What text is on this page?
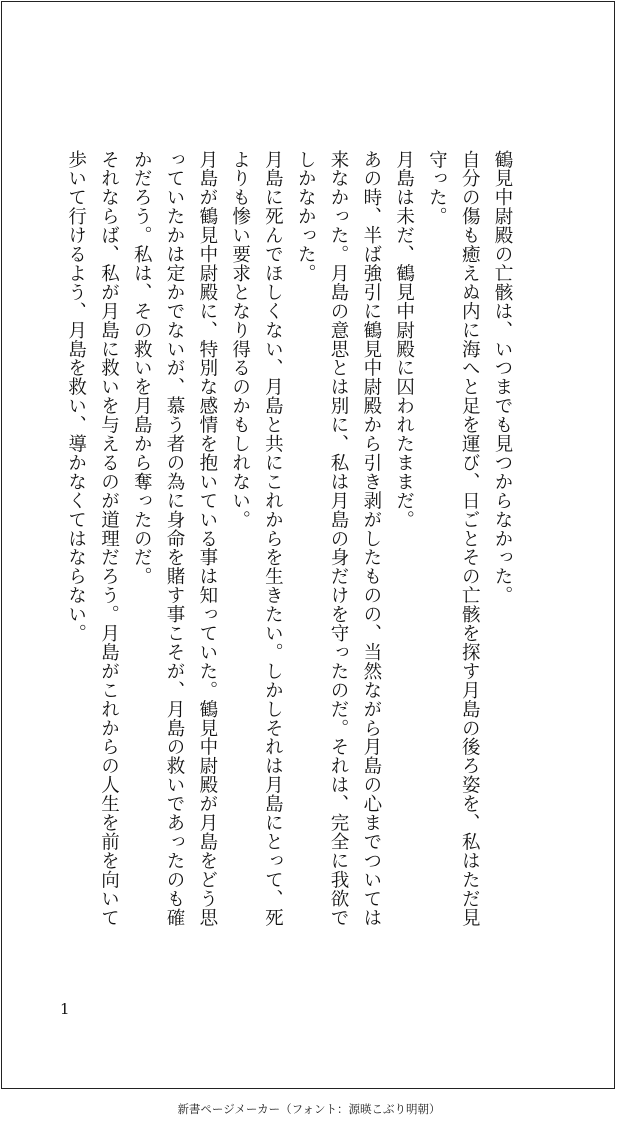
鶴見中尉殿の亡骸は、いつまでも見つからなかった。

自分の傷も癒えぬ内に海へと足を運び、日ごとその亡骸を探す月島の後ろ姿を、私はただ見守った。

月島は未だ、鶴見中尉殿に囚われたままだ。

あの時、半ば強引に鶴見中尉殿から引き剥がしたものの、当然ながら月島の心までついては来なかった。月島の意思とは別に、私は月島の身だけを守ったのだ。それは、完全に我欲でしかなかった。

月島に死んでほしくない、月島と共にこれからを生きたい。しかしそれは月島にとって、死よりも惨い要求となり得るのかもしれない。

月島が鶴見中尉殿に、特別な感情を抱いている事は知っていた。鶴見中尉殿が月島をどう思っていたかは定かでないが、慕う者の為に身命を賭す事こそが、月島の救いであったのも確かだろう。私は、その救いを月島から奪ったのだ。

それならば、私が月島に救いを与えるのが道理だろう。月島がこれからの人生を前を向いて歩いて行けるよう、月島を救い、導かなくてはならない。

1
新書ページメーカー（フォント：源暎こぶり明朝）
